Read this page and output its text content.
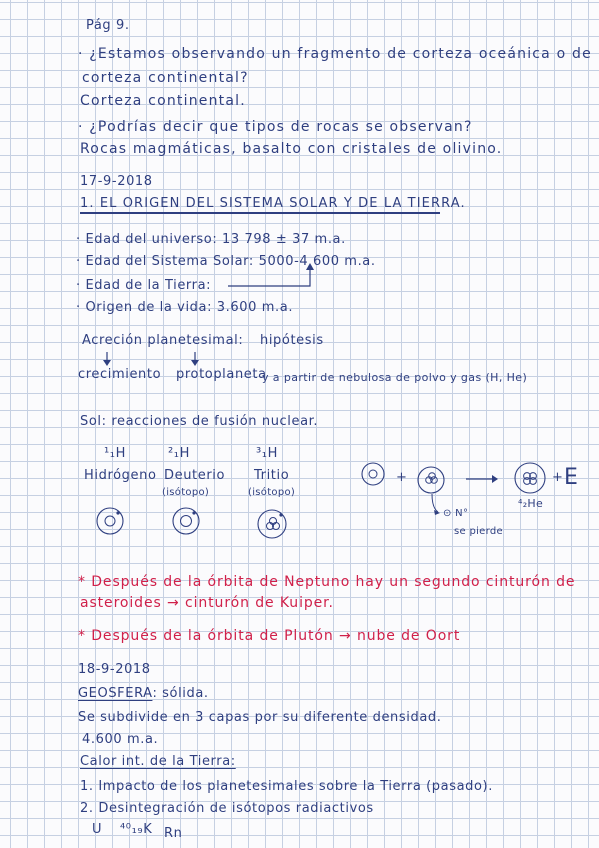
Pág 9.
· ¿Estamos observando un fragmento de corteza oceánica o de
corteza continental?
Corteza continental.
· ¿Podrías decir que tipos de rocas se observan?
Rocas magmáticas, basalto con cristales de olivino.
17-9-2018
1. EL ORIGEN DEL SISTEMA SOLAR Y DE LA TIERRA.
· Edad del universo: 13 798 ± 37 m.a.
· Edad del Sistema Solar: 5000-4 600 m.a.
· Edad de la Tierra:
· Origen de la vida: 3.600 m.a.
Acreción planetesimal: hipótesis
crecimiento protoplaneta
y a partir de nebulosa de polvo y gas (H, He)
Sol: reacciones de fusión nuclear.
¹₁H
Hidrógeno
²₁H
Deuterio
(isótopo)
³₁H
Tritio
(isótopo)
+
⊙ N°
se pierde
⁴₂He
+ E
* Después de la órbita de Neptuno hay un segundo cinturón de
asteroides → cinturón de Kuiper.
* Después de la órbita de Plutón → nube de Oort
18-9-2018
GEOSFERA: sólida.
Se subdivide en 3 capas por su diferente densidad.
4.600 m.a.
Calor int. de la Tierra:
1. Impacto de los planetesimales sobre la Tierra (pasado).
2. Desintegración de isótopos radiactivos
U ⁴⁰₁₉K Rn
